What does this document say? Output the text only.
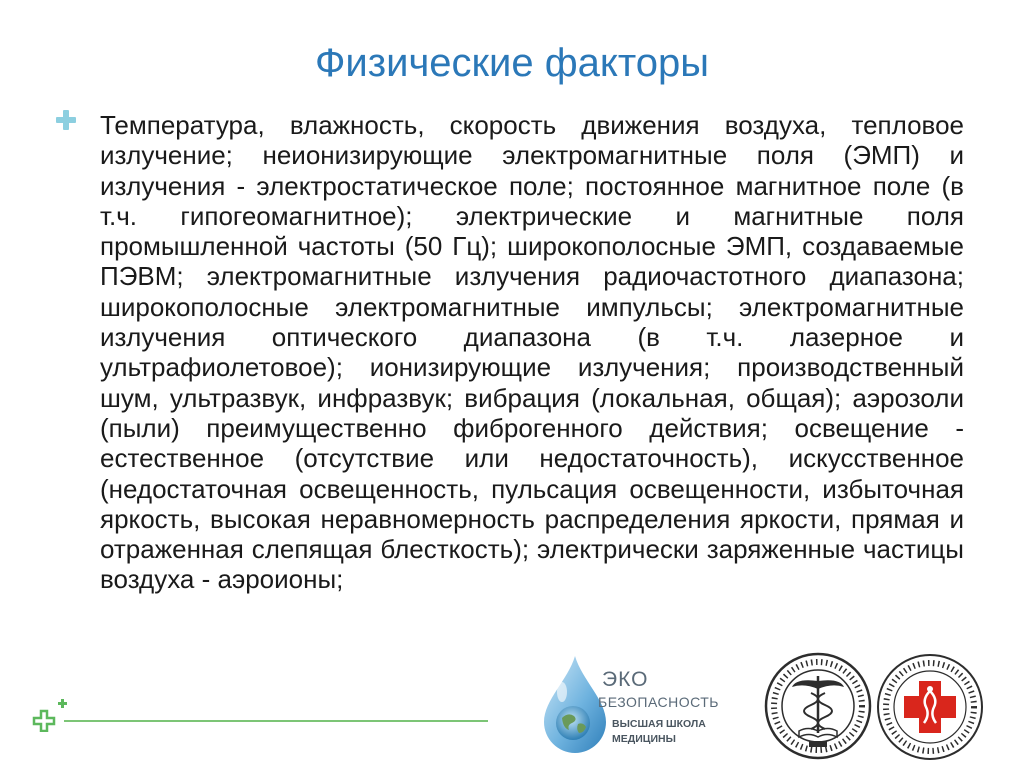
Физические факторы

Температура, влажность, скорость движения воздуха, тепловое излучение; неионизирующие электромагнитные поля (ЭМП) и излучения - электростатическое поле; постоянное магнитное поле (в т.ч. гипогеомагнитное); электрические и магнитные поля промышленной частоты (50 Гц); широкополосные ЭМП, создаваемые ПЭВМ; электромагнитные излучения радиочастотного диапазона; широкополосные электромагнитные импульсы; электромагнитные излучения оптического диапазона (в т.ч. лазерное и ультрафиолетовое); ионизирующие излучения; производственный шум, ультразвук, инфразвук; вибрация (локальная, общая); аэрозоли (пыли) преимущественно фиброгенного действия; освещение - естественное (отсутствие или недостаточность), искусственное (недостаточная освещенность, пульсация освещенности, избыточная яркость, высокая неравномерность распределения яркости, прямая и отраженная слепящая блесткость); электрически заряженные частицы воздуха - аэроионы;

ЭКО
БЕЗОПАСНОСТЬ
ВЫСШАЯ ШКОЛА
МЕДИЦИНЫ
